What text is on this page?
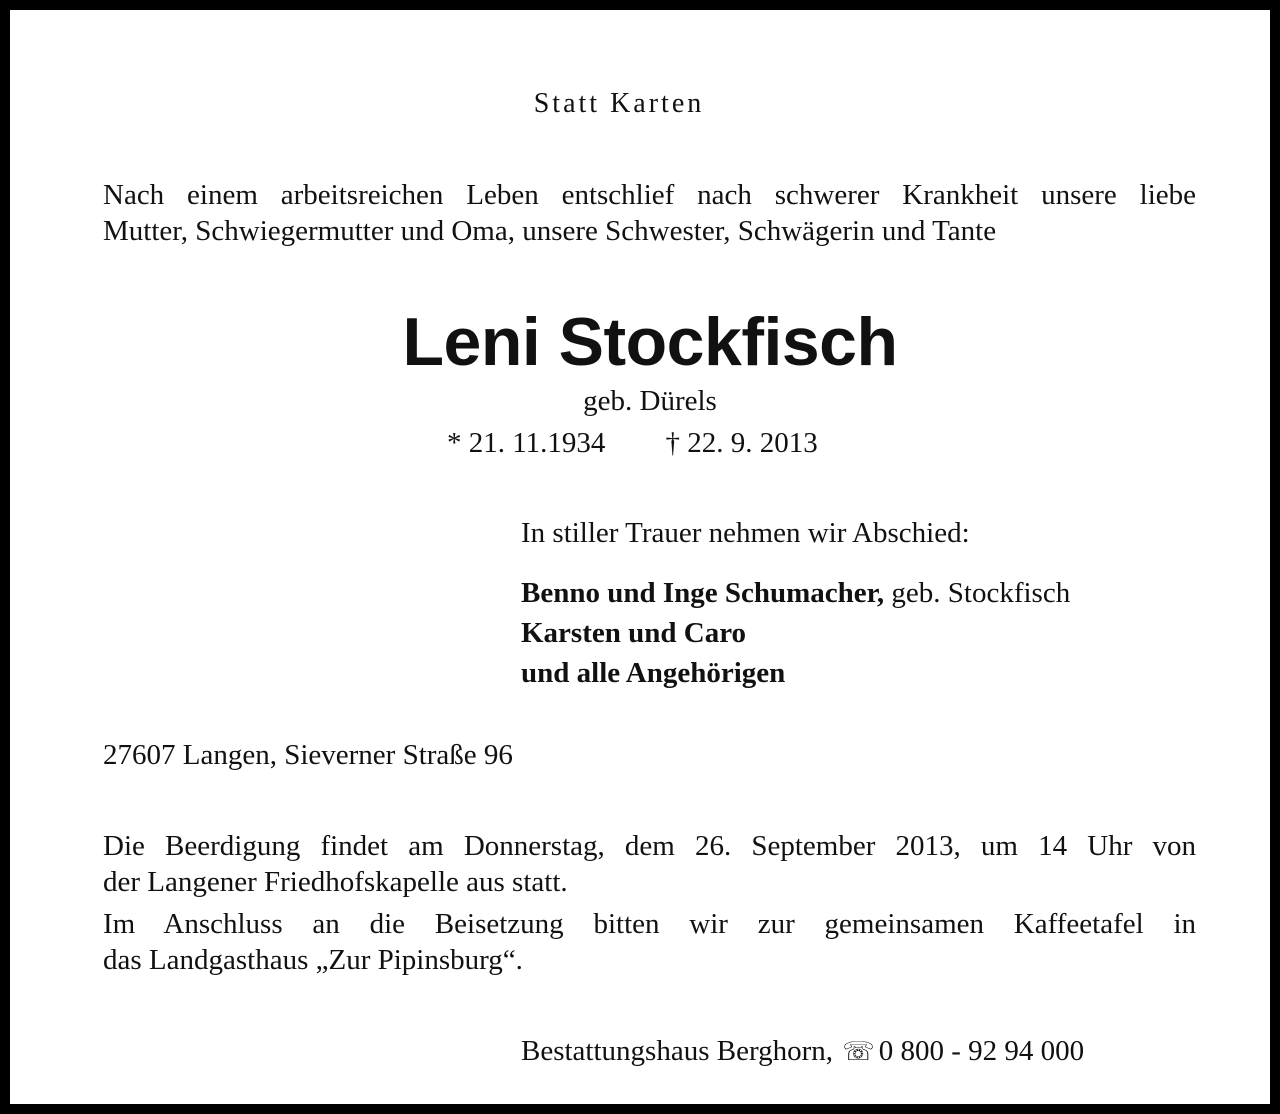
Statt Karten
Nach einem arbeitsreichen Leben entschlief nach schwerer Krankheit unsere liebe
Mutter, Schwiegermutter und Oma, unsere Schwester, Schwägerin und Tante
Leni Stockfisch
geb. Dürels
* 21. 11.1934 † 22. 9. 2013
In stiller Trauer nehmen wir Abschied:
Benno und Inge Schumacher, geb. Stockfisch
Karsten und Caro
und alle Angehörigen
27607 Langen, Sieverner Straße 96
Die Beerdigung findet am Donnerstag, dem 26. September 2013, um 14 Uhr von
der Langener Friedhofskapelle aus statt.
Im Anschluss an die Beisetzung bitten wir zur gemeinsamen Kaffeetafel in
das Landgasthaus „Zur Pipinsburg“.
Bestattungshaus Berghorn, ☏ 0 800 - 92 94 000
